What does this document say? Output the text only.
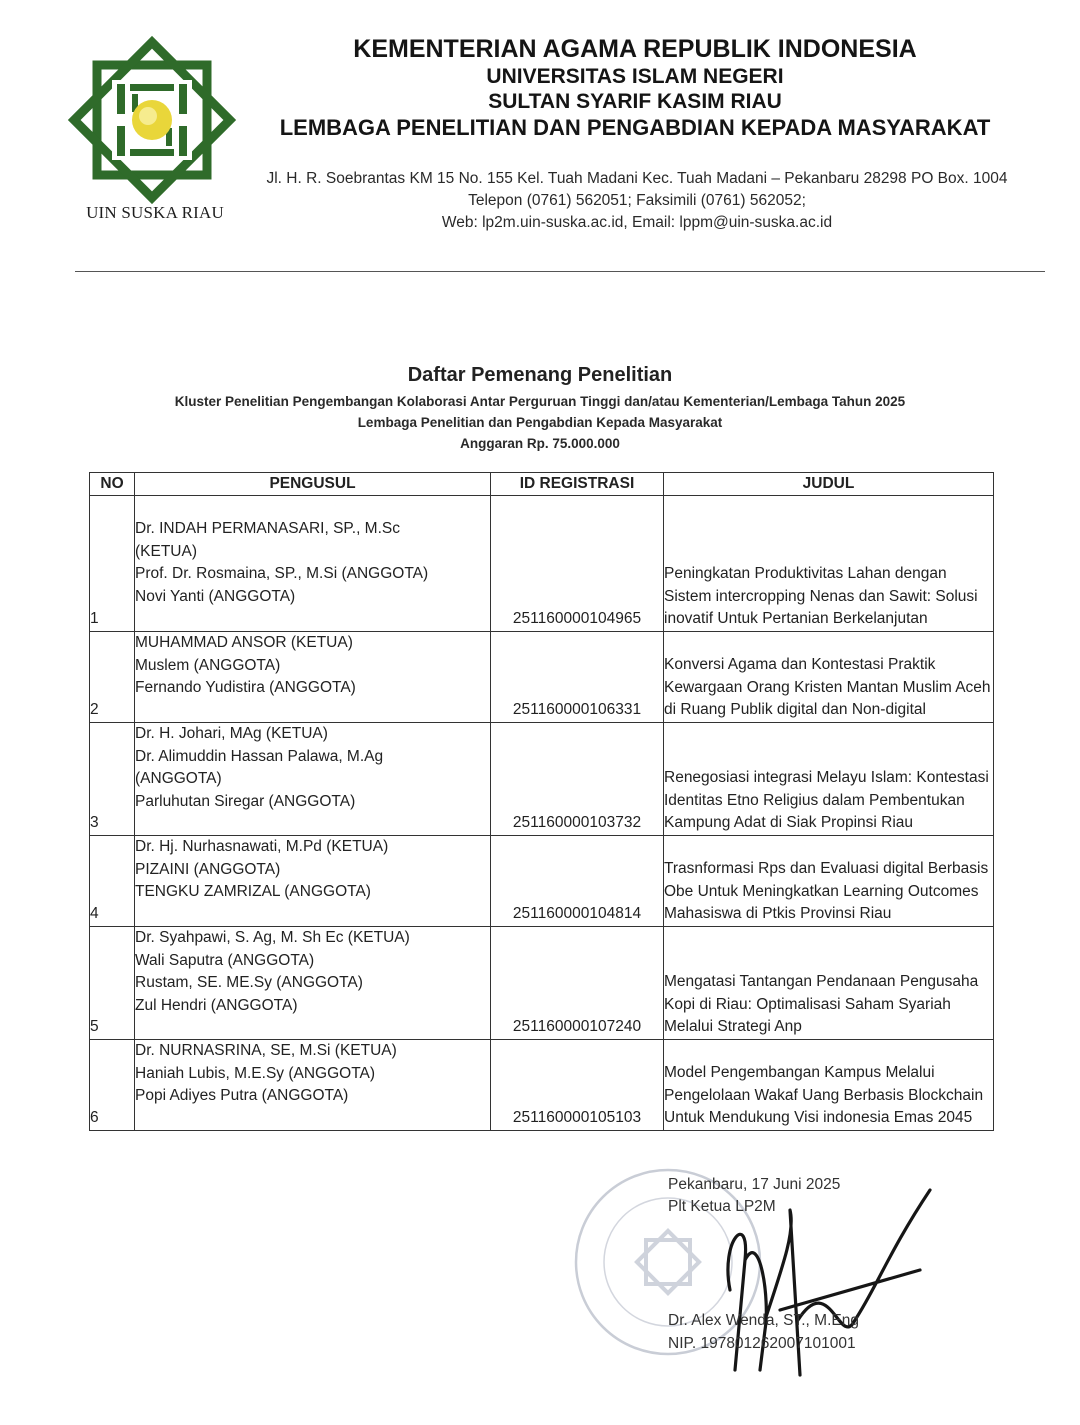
UIN SUSKA RIAU
KEMENTERIAN AGAMA REPUBLIK INDONESIA
UNIVERSITAS ISLAM NEGERI
SULTAN SYARIF KASIM RIAU
LEMBAGA PENELITIAN DAN PENGABDIAN KEPADA MASYARAKAT
Jl. H. R. Soebrantas KM 15 No. 155 Kel. Tuah Madani Kec. Tuah Madani – Pekanbaru 28298 PO Box. 1004
Telepon (0761) 562051; Faksimili (0761) 562052;
Web: lp2m.uin-suska.ac.id, Email: lppm@uin-suska.ac.id
Daftar Pemenang Penelitian
Kluster Penelitian Pengembangan Kolaborasi Antar Perguruan Tinggi dan/atau Kementerian/Lembaga Tahun 2025
Lembaga Penelitian dan Pengabdian Kepada Masyarakat
Anggaran Rp. 75.000.000
NO	PENGUSUL	ID REGISTRASI	JUDUL
1	Dr. INDAH PERMANASARI, SP., M.Sc
(KETUA)
Prof. Dr. Rosmaina, SP., M.Si (ANGGOTA)
Novi Yanti (ANGGOTA)	251160000104965	Peningkatan Produktivitas Lahan dengan Sistem intercropping Nenas dan Sawit: Solusi inovatif Untuk Pertanian Berkelanjutan
2	MUHAMMAD ANSOR (KETUA)
Muslem (ANGGOTA)
Fernando Yudistira (ANGGOTA)	251160000106331	Konversi Agama dan Kontestasi Praktik Kewargaan Orang Kristen Mantan Muslim Aceh di Ruang Publik digital dan Non-digital
3	Dr. H. Johari, MAg (KETUA)
Dr. Alimuddin Hassan Palawa, M.Ag
(ANGGOTA)
Parluhutan Siregar (ANGGOTA)	251160000103732	Renegosiasi integrasi Melayu Islam: Kontestasi Identitas Etno Religius dalam Pembentukan Kampung Adat di Siak Propinsi Riau
4	Dr. Hj. Nurhasnawati, M.Pd (KETUA)
PIZAINI (ANGGOTA)
TENGKU ZAMRIZAL (ANGGOTA)	251160000104814	Trasnformasi Rps dan Evaluasi digital Berbasis Obe Untuk Meningkatkan Learning Outcomes Mahasiswa di Ptkis Provinsi Riau
5	Dr. Syahpawi, S. Ag, M. Sh Ec (KETUA)
Wali Saputra (ANGGOTA)
Rustam, SE. ME.Sy (ANGGOTA)
Zul Hendri (ANGGOTA)	251160000107240	Mengatasi Tantangan Pendanaan Pengusaha Kopi di Riau: Optimalisasi Saham Syariah Melalui Strategi Anp
6	Dr. NURNASRINA, SE, M.Si (KETUA)
Haniah Lubis, M.E.Sy (ANGGOTA)
Popi Adiyes Putra (ANGGOTA)	251160000105103	Model Pengembangan Kampus Melalui Pengelolaan Wakaf Uang Berbasis Blockchain Untuk Mendukung Visi indonesia Emas 2045
Pekanbaru, 17 Juni 2025
Plt Ketua LP2M
Dr. Alex Wenda, ST., M.Eng
NIP. 197801262007101001
